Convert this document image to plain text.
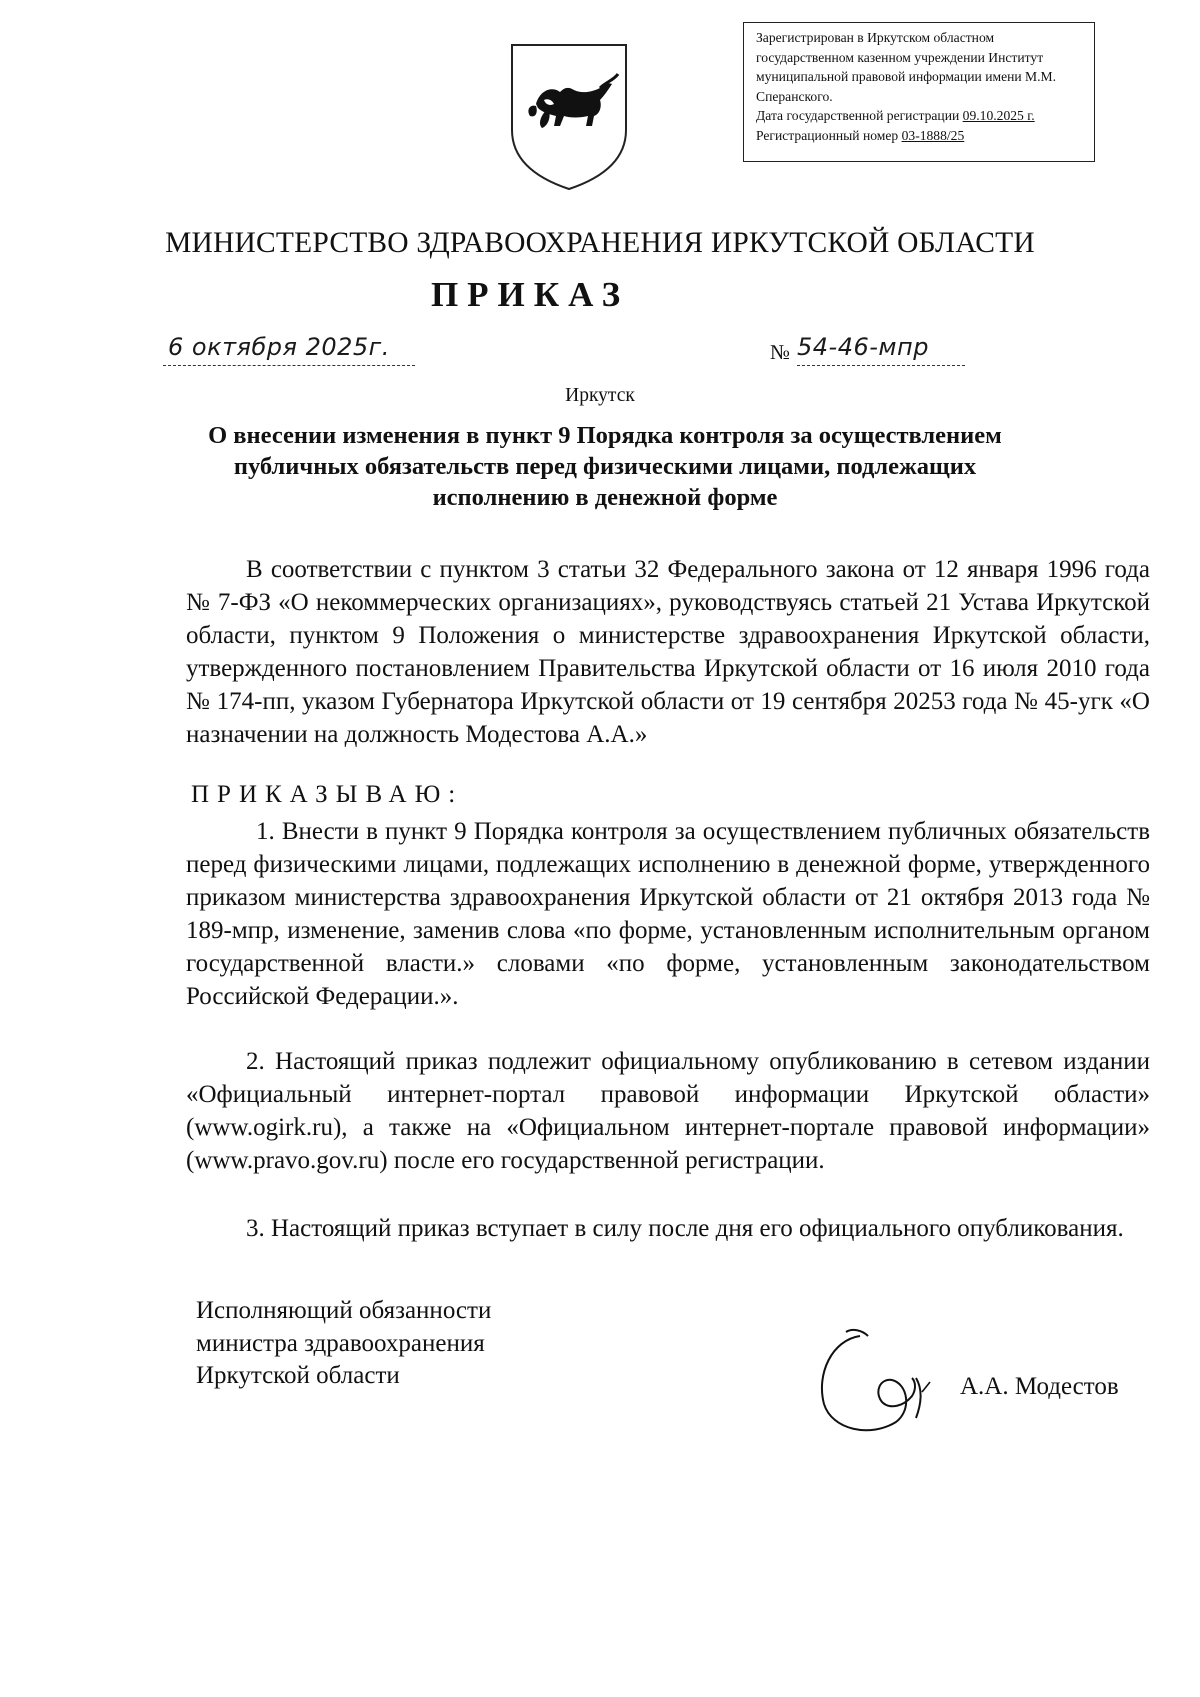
Зарегистрирован в Иркутском областном
государственном казенном учреждении Институт
муниципальной правовой информации имени М.М.
Сперанского.
Дата государственной регистрации 09.10.2025 г.
Регистрационный номер 03-1888/25
МИНИСТЕРСТВО ЗДРАВООХРАНЕНИЯ ИРКУТСКОЙ ОБЛАСТИ
ПРИКАЗ
6 октября 2025г.	№ 54-46-мпр
Иркутск
О внесении изменения в пункт 9 Порядка контроля за осуществлением публичных обязательств перед физическими лицами, подлежащих исполнению в денежной форме
В соответствии с пунктом 3 статьи 32 Федерального закона от 12 января 1996 года № 7-ФЗ «О некоммерческих организациях», руководствуясь статьей 21 Устава Иркутской области, пунктом 9 Положения о министерстве здравоохранения Иркутской области, утвержденного постановлением Правительства Иркутской области от 16 июля 2010 года № 174-пп, указом Губернатора Иркутской области от 19 сентября 20253 года № 45-угк «О назначении на должность Модестова А.А.»
ПРИКАЗЫВАЮ:
1. Внести в пункт 9 Порядка контроля за осуществлением публичных обязательств перед физическими лицами, подлежащих исполнению в денежной форме, утвержденного приказом министерства здравоохранения Иркутской области от 21 октября 2013 года № 189-мпр, изменение, заменив слова «по форме, установленным исполнительным органом государственной власти.» словами «по форме, установленным законодательством Российской Федерации.».
2. Настоящий приказ подлежит официальному опубликованию в сетевом издании «Официальный интернет-портал правовой информации Иркутской области» (www.ogirk.ru), а также на «Официальном интернет-портале правовой информации» (www.pravo.gov.ru) после его государственной регистрации.
3. Настоящий приказ вступает в силу после дня его официального опубликования.
Исполняющий обязанности
министра здравоохранения
Иркутской области	А.А. Модестов
